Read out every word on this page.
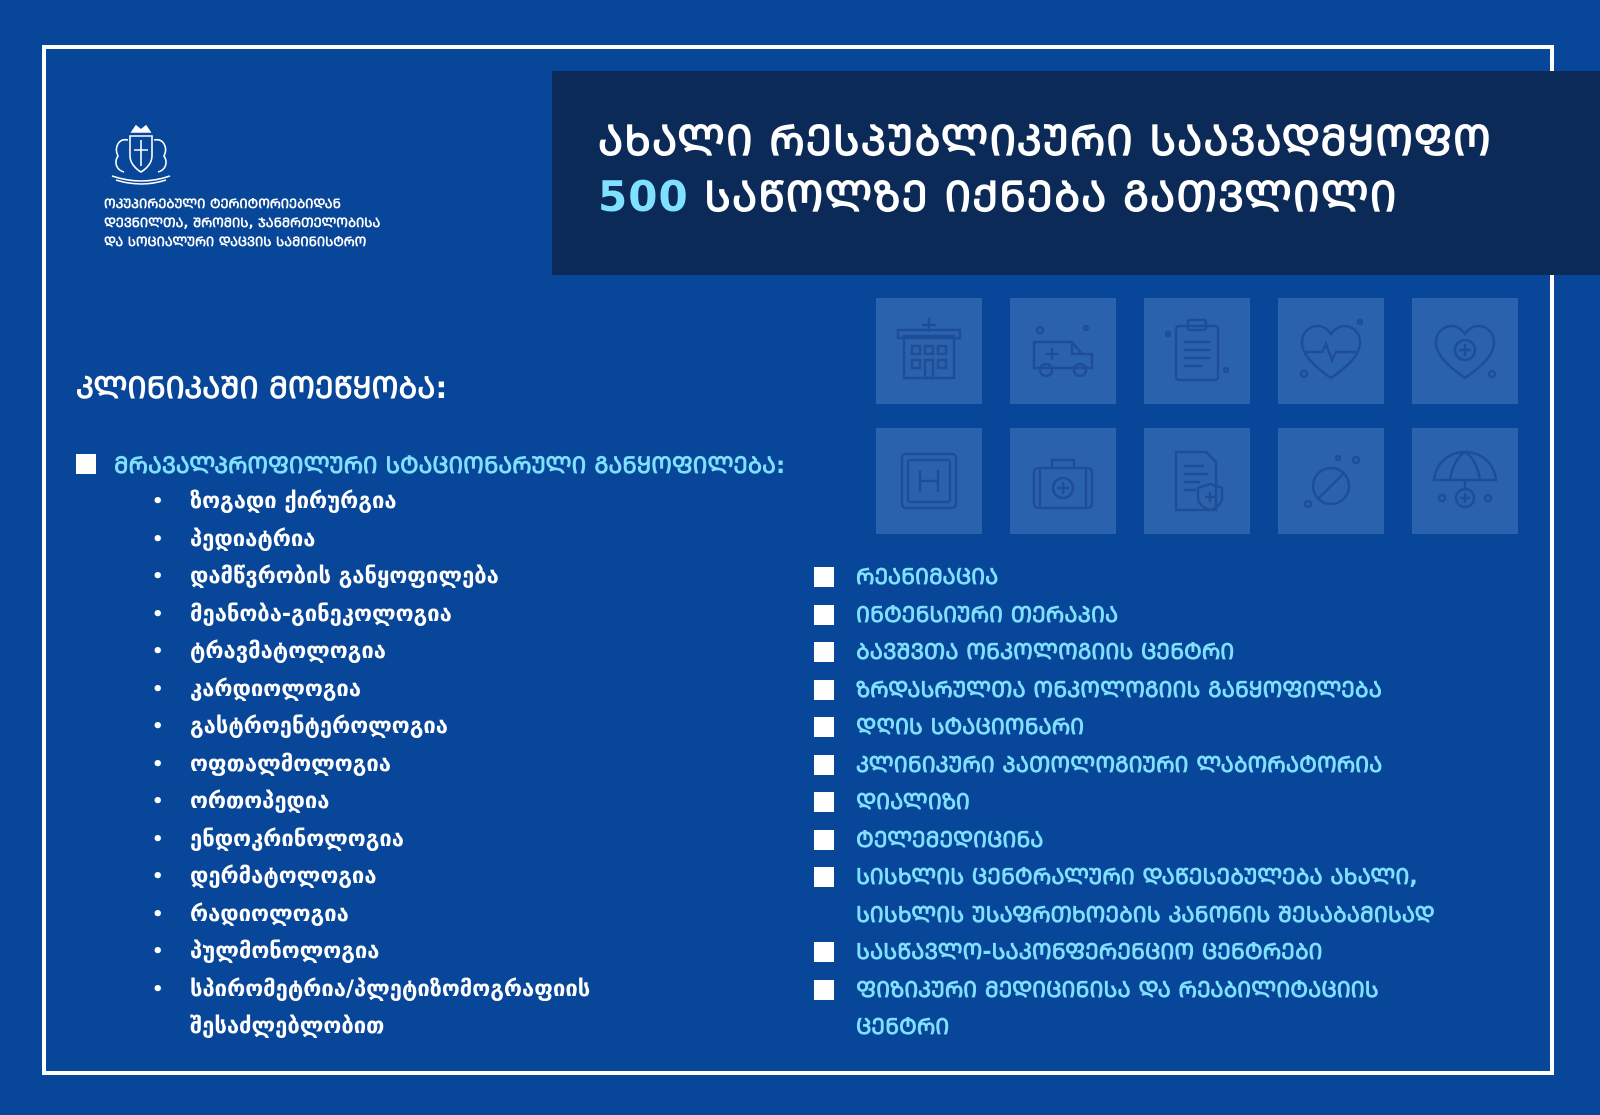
ᲝᲙᲣᲞᲘᲠᲔᲑᲣᲚᲘ ᲢᲔᲠᲘᲢᲝᲠᲘᲔᲑᲘᲓᲐᲜ
ᲓᲔᲕᲜᲘᲚᲗᲐ, ᲨᲠᲝᲛᲘᲡ, ᲯᲐᲜᲛᲠᲗᲔᲚᲝᲑᲘᲡᲐ
ᲓᲐ ᲡᲝᲪᲘᲐᲚᲣᲠᲘ ᲓᲐᲪᲕᲘᲡ ᲡᲐᲛᲘᲜᲘᲡᲢᲠᲝ
ᲐᲮᲐᲚᲘ ᲠᲔᲡᲞᲣᲑᲚᲘᲙᲣᲠᲘ ᲡᲐᲐᲕᲐᲓᲛᲧᲝᲤᲝ
500 ᲡᲐᲬᲝᲚᲖᲔ ᲘᲥᲜᲔᲑᲐ ᲒᲐᲗᲕᲚᲘᲚᲘ
ᲙᲚᲘᲜᲘᲙᲐᲨᲘ ᲛᲝᲔᲬᲧᲝᲑᲐ:
ᲛᲠᲐᲕᲐᲚᲞᲠᲝᲤᲘᲚᲣᲠᲘ ᲡᲢᲐᲪᲘᲝᲜᲐᲠᲣᲚᲘ ᲒᲐᲜᲧᲝᲤᲘᲚᲔᲑᲐ:
•	ზოგადი ქირურგია
•	პედიატრია
•	დამწვრობის განყოფილება
•	მეანობა-გინეკოლოგია
•	ტრავმატოლოგია
•	კარდიოლოგია
•	გასტროენტეროლოგია
•	ოფთალმოლოგია
•	ორთოპედია
•	ენდოკრინოლოგია
•	დერმატოლოგია
•	რადიოლოგია
•	პულმონოლოგია
•	სპირომეტრია/პლეტიზომოგრაფიის
შესაძლებლობით
ᲠᲔᲐᲜᲘᲛᲐᲪᲘᲐ
ᲘᲜᲢᲔᲜᲡᲘᲣᲠᲘ ᲗᲔᲠᲐᲞᲘᲐ
ᲑᲐᲕᲨᲕᲗᲐ ᲝᲜᲙᲝᲚᲝᲒᲘᲘᲡ ᲪᲔᲜᲢᲠᲘ
ᲖᲠᲓᲐᲡᲠᲣᲚᲗᲐ ᲝᲜᲙᲝᲚᲝᲒᲘᲘᲡ ᲒᲐᲜᲧᲝᲤᲘᲚᲔᲑᲐ
ᲓᲦᲘᲡ ᲡᲢᲐᲪᲘᲝᲜᲐᲠᲘ
ᲙᲚᲘᲜᲘᲙᲣᲠᲘ ᲞᲐᲗᲝᲚᲝᲒᲘᲣᲠᲘ ᲚᲐᲑᲝᲠᲐᲢᲝᲠᲘᲐ
ᲓᲘᲐᲚᲘᲖᲘ
ᲢᲔᲚᲔᲛᲔᲓᲘᲪᲘᲜᲐ
ᲡᲘᲡᲮᲚᲘᲡ ᲪᲔᲜᲢᲠᲐᲚᲣᲠᲘ ᲓᲐᲬᲔᲡᲔᲑᲣᲚᲔᲑᲐ ᲐᲮᲐᲚᲘ,
ᲡᲘᲡᲮᲚᲘᲡ ᲣᲡᲐᲤᲠᲗᲮᲝᲔᲑᲘᲡ ᲙᲐᲜᲝᲜᲘᲡ ᲨᲔᲡᲐᲑᲐᲛᲘᲡᲐᲓ
ᲡᲐᲡᲬᲐᲕᲚᲝ-ᲡᲐᲙᲝᲜᲤᲔᲠᲔᲜᲪᲘᲝ ᲪᲔᲜᲢᲠᲔᲑᲘ
ᲤᲘᲖᲘᲙᲣᲠᲘ ᲛᲔᲓᲘᲪᲘᲜᲘᲡᲐ ᲓᲐ ᲠᲔᲐᲑᲘᲚᲘᲢᲐᲪᲘᲘᲡ
ᲪᲔᲜᲢᲠᲘ
